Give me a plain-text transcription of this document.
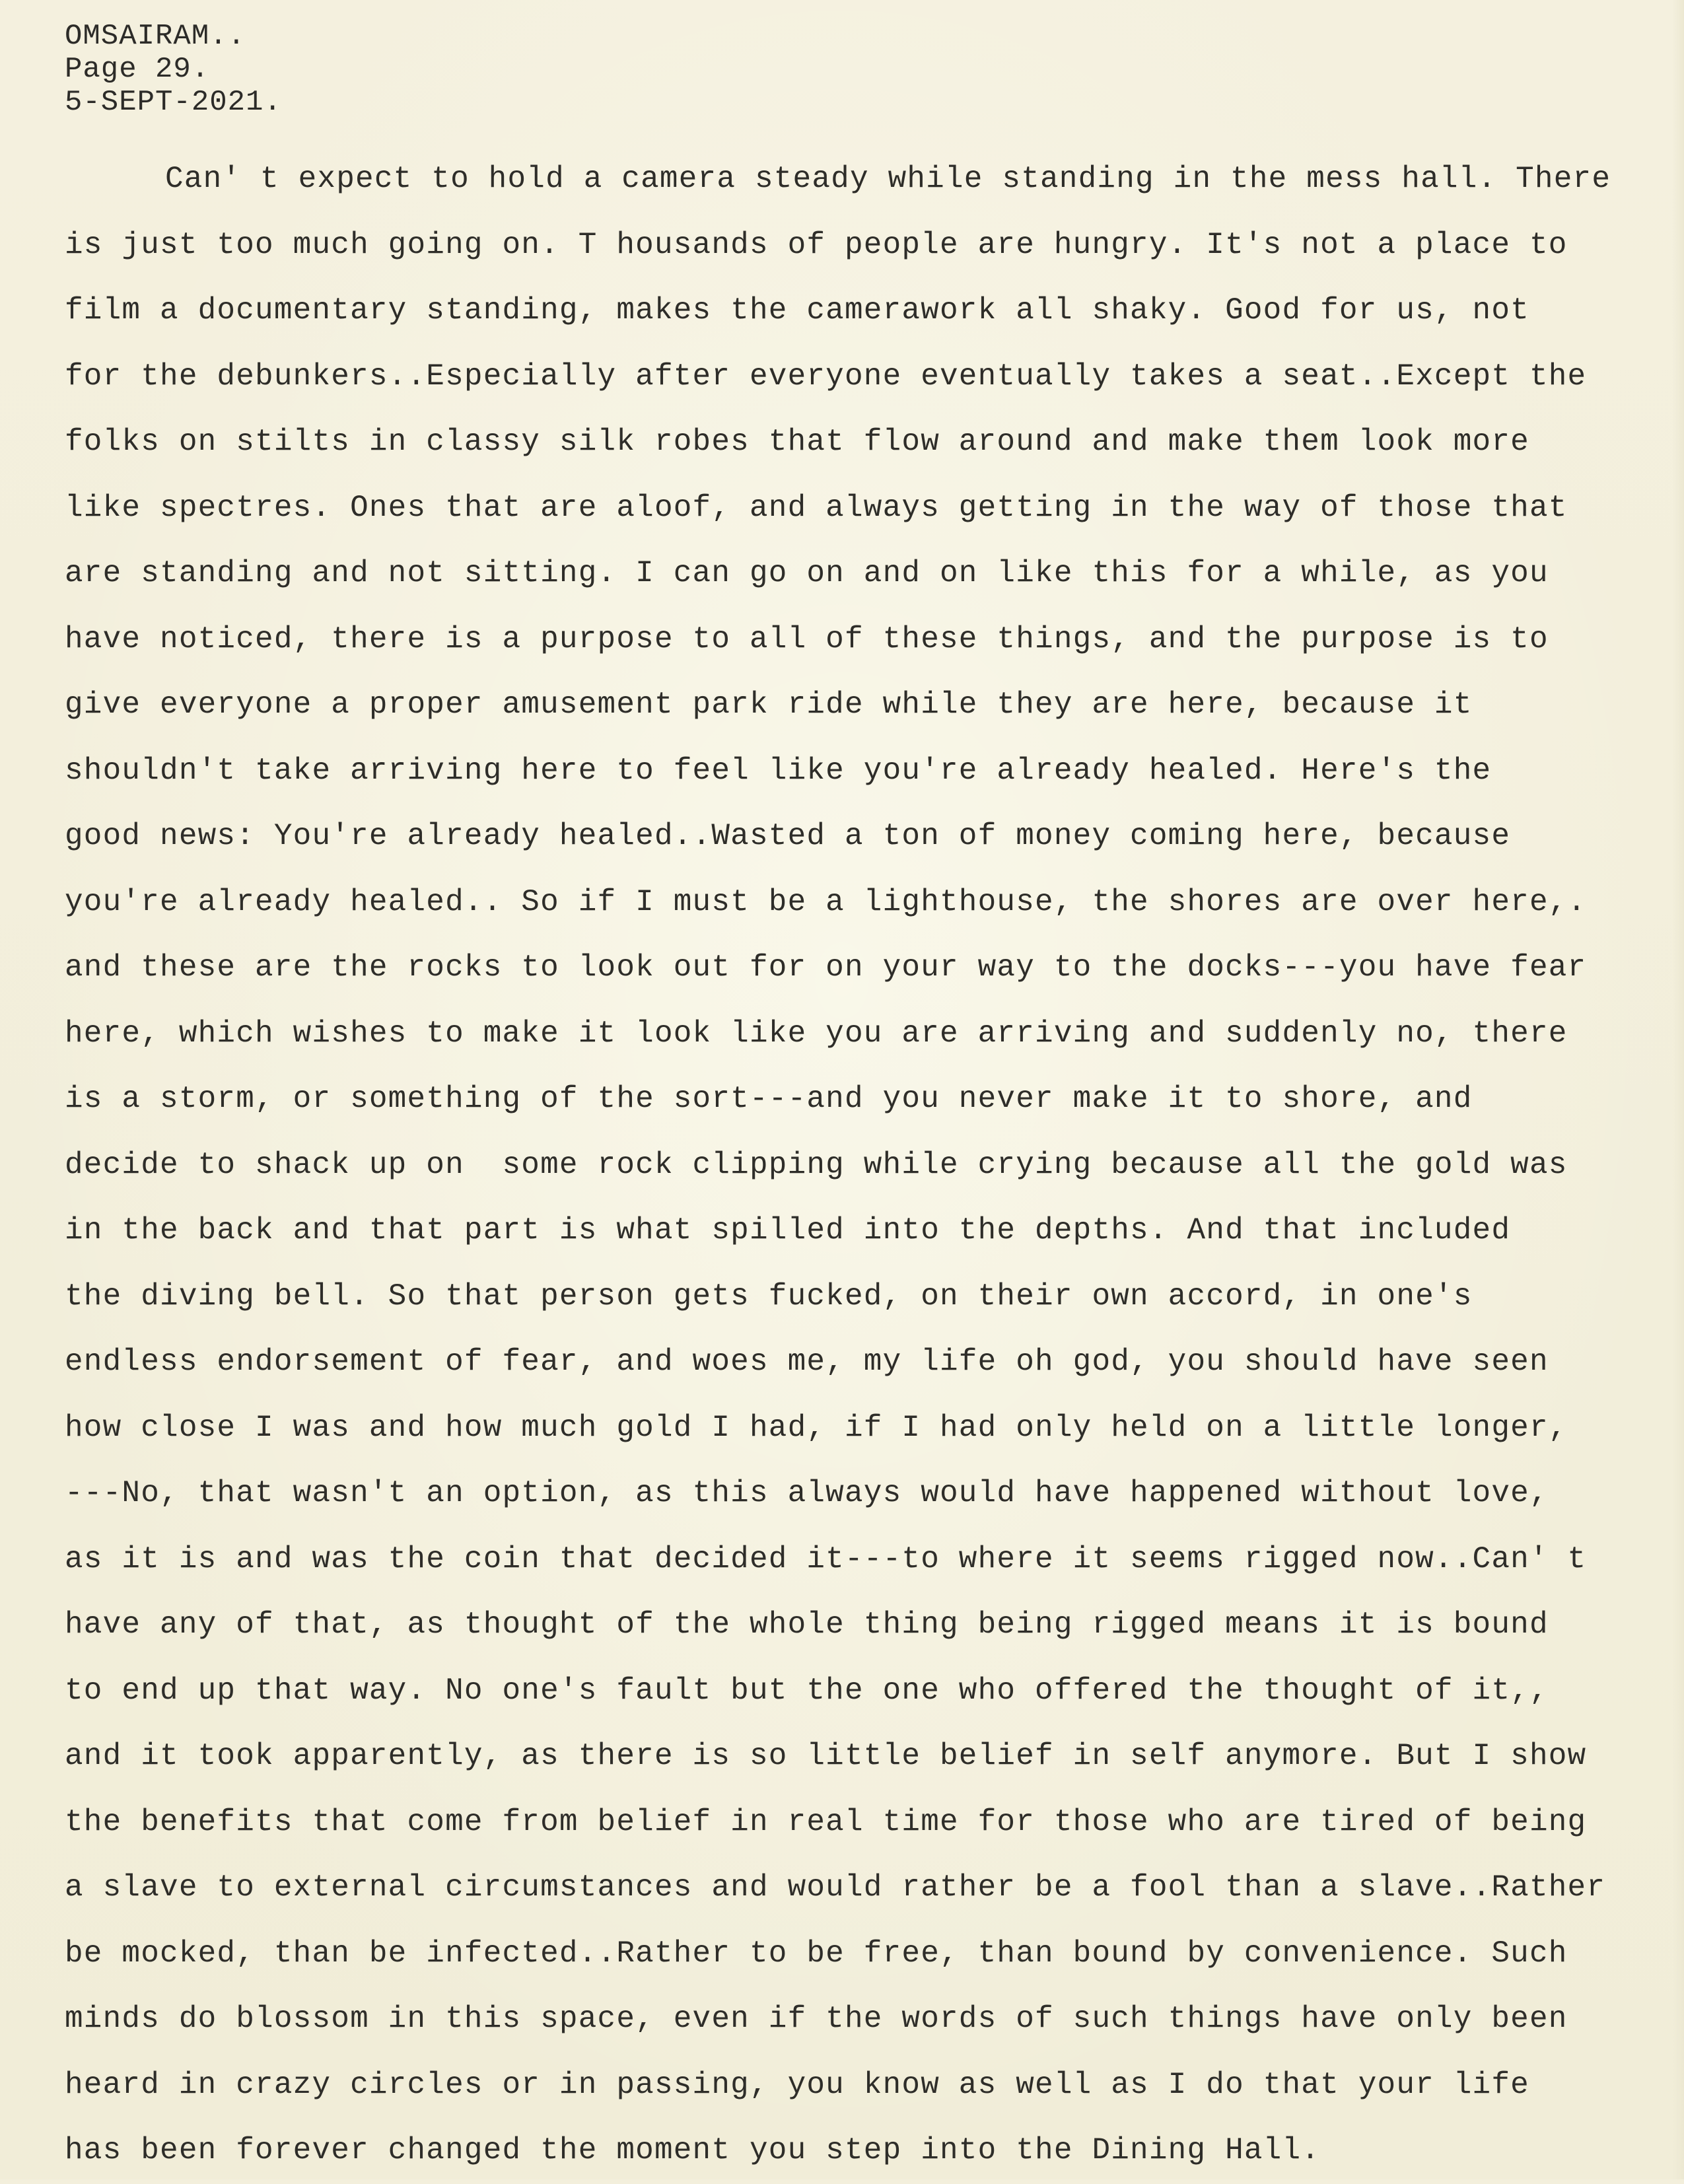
OMSAIRAM..
Page 29.
5-SEPT-2021.
Can' t expect to hold a camera steady while standing in the mess hall. There
is just too much going on. T housands of people are hungry. It's not a place to
film a documentary standing, makes the camerawork all shaky. Good for us, not
for the debunkers..Especially after everyone eventually takes a seat..Except the
folks on stilts in classy silk robes that flow around and make them look more
like spectres. Ones that are aloof, and always getting in the way of those that
are standing and not sitting. I can go on and on like this for a while, as you
have noticed, there is a purpose to all of these things, and the purpose is to
give everyone a proper amusement park ride while they are here, because it
shouldn't take arriving here to feel like you're already healed. Here's the
good news: You're already healed..Wasted a ton of money coming here, because
you're already healed.. So if I must be a lighthouse, the shores are over here,.
and these are the rocks to look out for on your way to the docks---you have fear
here, which wishes to make it look like you are arriving and suddenly no, there
is a storm, or something of the sort---and you never make it to shore, and
decide to shack up on  some rock clipping while crying because all the gold was
in the back and that part is what spilled into the depths. And that included
the diving bell. So that person gets fucked, on their own accord, in one's
endless endorsement of fear, and woes me, my life oh god, you should have seen
how close I was and how much gold I had, if I had only held on a little longer,
---No, that wasn't an option, as this always would have happened without love,
as it is and was the coin that decided it---to where it seems rigged now..Can' t
have any of that, as thought of the whole thing being rigged means it is bound
to end up that way. No one's fault but the one who offered the thought of it,,
and it took apparently, as there is so little belief in self anymore. But I show
the benefits that come from belief in real time for those who are tired of being
a slave to external circumstances and would rather be a fool than a slave..Rather
be mocked, than be infected..Rather to be free, than bound by convenience. Such
minds do blossom in this space, even if the words of such things have only been
heard in crazy circles or in passing, you know as well as I do that your life
has been forever changed the moment you step into the Dining Hall.
